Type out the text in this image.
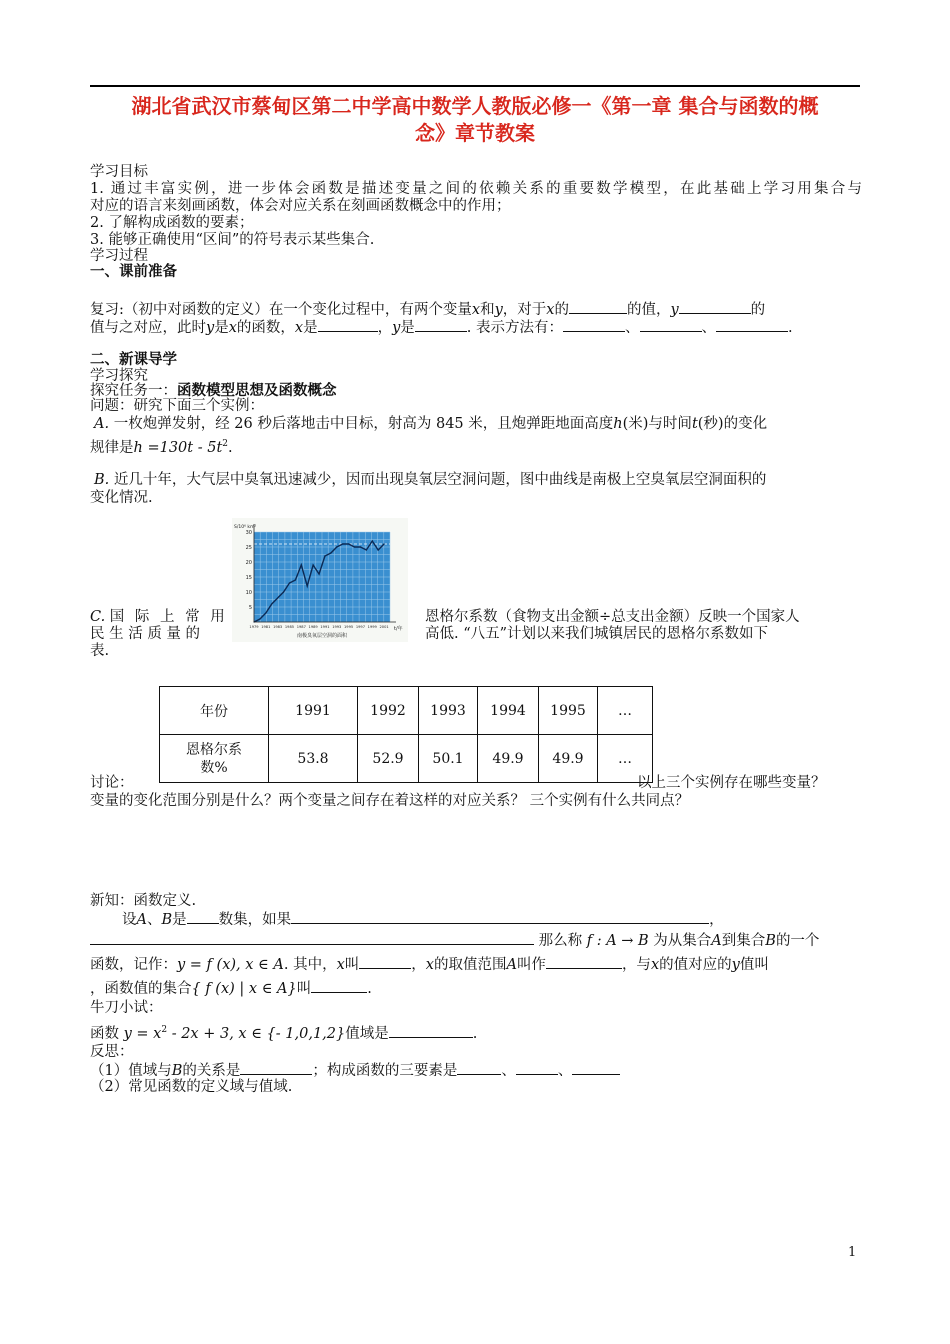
湖北省武汉市蔡甸区第二中学高中数学人教版必修一《第一章 集合与函数的概
念》章节教案
学习目标
1. 通过丰富实例，进一步体会函数是描述变量之间的依赖关系的重要数学模型，在此基础上学习用集合与
对应的语言来刻画函数，体会对应关系在刻画函数概念中的作用；
2. 了解构成函数的要素；
3. 能够正确使用“区间”的符号表示某些集合.
学习过程
一、课前准备
复习:（初中对函数的定义）在一个变化过程中，有两个变量x和y，对于x的	的值，y	的
值与之对应，此时y是x的函数，x是	，y是	. 表示方法有：	、	、	.
二、新课导学
学习探究
探究任务一：函数模型思想及函数概念
问题：研究下面三个实例：
A. 一枚炮弹发射，经 26 秒后落地击中目标，射高为 845 米，且炮弹距地面高度h(米)与时间t(秒)的变化
规律是$h =130t - 5t^2$.
B. 近几十年，大气层中臭氧迅速减少，因而出现臭氧层空洞问题，图中曲线是南极上空臭氧层空洞面积的
变化情况.
30
25
20
15
10
5
1979 1981 1983 1985 1987 1989 1991 1993 1995 1997 1999 2001
S/10⁶ km²
t/年
南极臭氧层空洞的面积
C. 国 际 上 常 用	恩格尔系数（食物支出金额÷总支出金额）反映一个国家人
民 生 活 质 量 的	高低. “八五”计划以来我们城镇居民的恩格尔系数如下
表.
年份	1991	1992	1993	1994	1995	…

恩格尔系数%	53.8	52.9	50.1	49.9	49.9	…
讨论：	以上三个实例存在哪些变量？
变量的变化范围分别是什么？两个变量之间存在着这样的对应关系？ 三个实例有什么共同点？
新知：函数定义.
设A、B是 数集，如果	，
那么称 f : A → B 为从集合A到集合B的一个
函数，记作：y = f (x), x ∈ A. 其中，x叫	，x的取值范围A叫作	，与x的值对应的y值叫
，函数值的集合{ f (x) | x ∈ A}叫	.
牛刀小试：
函数 $y = x^2 - 2x + 3$, x ∈ {- 1,0,1,2}值域是	.
反思：
（1）值域与B的关系是	；构成函数的三要素是	、	、
（2）常见函数的定义域与值域.
1
